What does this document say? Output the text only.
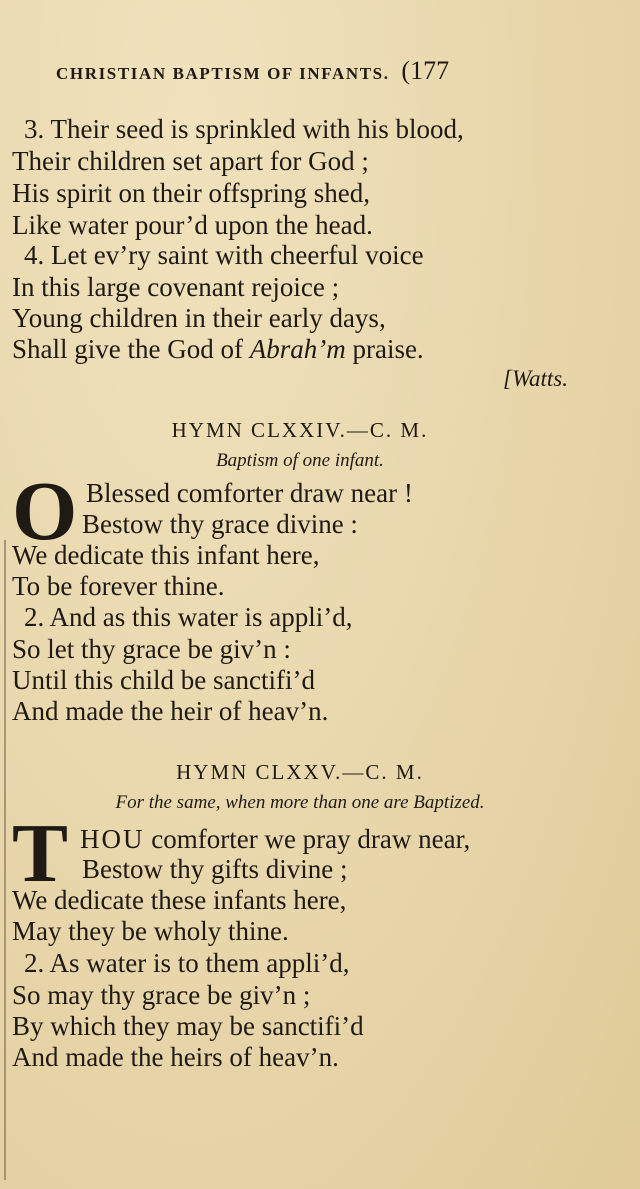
CHRISTIAN BAPTISM OF INFANTS. (177
3. Their seed is sprinkled with his blood,
Their children set apart for God ;
His spirit on their offspring shed,
Like water pour’d upon the head.
4. Let ev’ry saint with cheerful voice
In this large covenant rejoice ;
Young children in their early days,
Shall give the God of Abrah’m praise.
[Watts.
HYMN CLXXIV.—C. M.
Baptism of one infant.
O Blessed comforter draw near !
Bestow thy grace divine :
We dedicate this infant here,
To be forever thine.
2. And as this water is appli’d,
So let thy grace be giv’n :
Until this child be sanctifi’d
And made the heir of heav’n.
HYMN CLXXV.—C. M.
For the same, when more than one are Baptized.
T HOU comforter we pray draw near,
Bestow thy gifts divine ;
We dedicate these infants here,
May they be wholy thine.
2. As water is to them appli’d,
So may thy grace be giv’n ;
By which they may be sanctifi’d
And made the heirs of heav’n.
